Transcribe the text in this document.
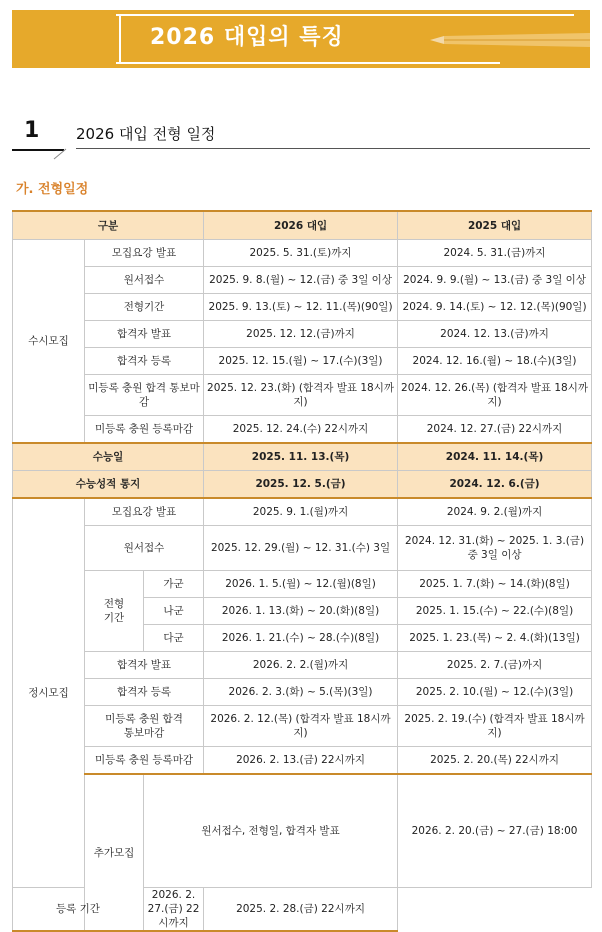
2026 대입의 특징
1 2026 대입 전형 일정
가. 전형일정
구분			2026 대입	2025 대입	
수시모집	모집요강 발표		2025. 5. 31.(토)까지	2024. 5. 31.(금)까지	
	원서접수		2025. 9. 8.(월) ~ 12.(금) 중 3일 이상	2024. 9. 9.(월) ~ 13.(금) 중 3일 이상	
	전형기간		2025. 9. 13.(토) ~ 12. 11.(목)(90일)	2024. 9. 14.(토) ~ 12. 12.(목)(90일)	
	합격자 발표		2025. 12. 12.(금)까지	2024. 12. 13.(금)까지	
	합격자 등록		2025. 12. 15.(월) ~ 17.(수)(3일)	2024. 12. 16.(월) ~ 18.(수)(3일)	
	미등록 충원 합격 통보마감		2025. 12. 23.(화) (합격자 발표 18시까지)	2024. 12. 26.(목) (합격자 발표 18시까지)	
	미등록 충원 등록마감		2025. 12. 24.(수) 22시까지	2024. 12. 27.(금) 22시까지	
수능일			2025. 11. 13.(목)	2024. 11. 14.(목)	
수능성적 통지			2025. 12. 5.(금)	2024. 12. 6.(금)	
정시모집	모집요강 발표		2025. 9. 1.(월)까지	2024. 9. 2.(월)까지	
	원서접수		2025. 12. 29.(월) ~ 12. 31.(수) 3일	2024. 12. 31.(화) ~ 2025. 1. 3.(금) 중 3일 이상	
	전형 기간	가군	2026. 1. 5.(월) ~ 12.(월)(8일)	2025. 1. 7.(화) ~ 14.(화)(8일)	
		나군	2026. 1. 13.(화) ~ 20.(화)(8일)	2025. 1. 15.(수) ~ 22.(수)(8일)	
		다군	2026. 1. 21.(수) ~ 28.(수)(8일)	2025. 1. 23.(목) ~ 2. 4.(화)(13일)	
	합격자 발표		2026. 2. 2.(월)까지	2025. 2. 7.(금)까지	
	합격자 등록		2026. 2. 3.(화) ~ 5.(목)(3일)	2025. 2. 10.(월) ~ 12.(수)(3일)	
	미등록 충원 합격 통보마감		2026. 2. 12.(목) (합격자 발표 18시까지)	2025. 2. 19.(수) (합격자 발표 18시까지)	
	미등록 충원 등록마감		2026. 2. 13.(금) 22시까지	2025. 2. 20.(목) 22시까지	
	추가모집	원서접수, 전형일, 합격자 발표		2026. 2. 20.(금) ~ 27.(금) 18:00	
등록 기간		2026. 2. 27.(금) 22시까지	2025. 2. 28.(금) 22시까지		
